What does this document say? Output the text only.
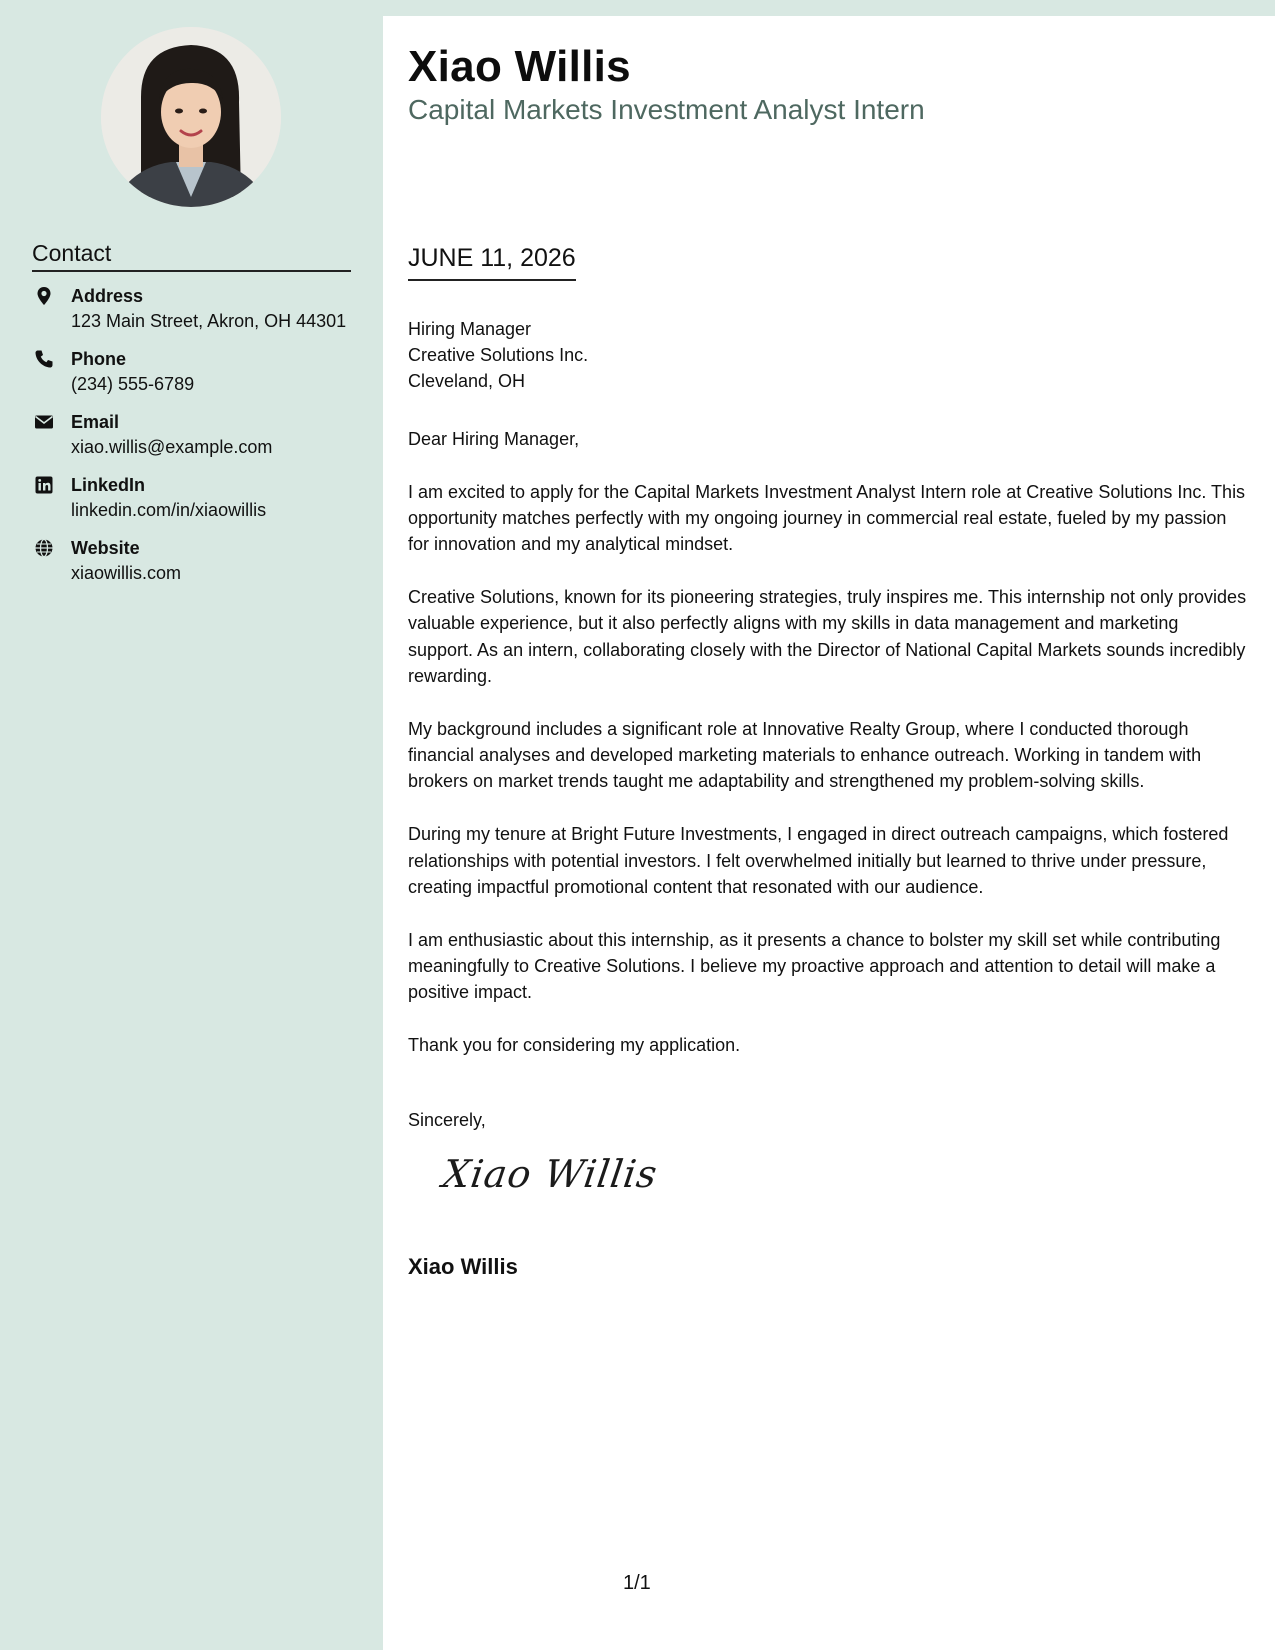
Contact
Address
123 Main Street, Akron, OH 44301
Phone
(234) 555-6789
Email
xiao.willis@example.com
LinkedIn
linkedin.com/in/xiaowillis
Website
xiaowillis.com
Xiao Willis
Capital Markets Investment Analyst Intern
JUNE 11, 2026
Hiring Manager
Creative Solutions Inc.
Cleveland, OH

Dear Hiring Manager,

I am excited to apply for the Capital Markets Investment Analyst Intern role at Creative Solutions Inc. This opportunity matches perfectly with my ongoing journey in commercial real estate, fueled by my passion for innovation and my analytical mindset.

Creative Solutions, known for its pioneering strategies, truly inspires me. This internship not only provides valuable experience, but it also perfectly aligns with my skills in data management and marketing support. As an intern, collaborating closely with the Director of National Capital Markets sounds incredibly rewarding.

My background includes a significant role at Innovative Realty Group, where I conducted thorough financial analyses and developed marketing materials to enhance outreach. Working in tandem with brokers on market trends taught me adaptability and strengthened my problem-solving skills.

During my tenure at Bright Future Investments, I engaged in direct outreach campaigns, which fostered relationships with potential investors. I felt overwhelmed initially but learned to thrive under pressure, creating impactful promotional content that resonated with our audience.

I am enthusiastic about this internship, as it presents a chance to bolster my skill set while contributing meaningfully to Creative Solutions. I believe my proactive approach and attention to detail will make a positive impact.

Thank you for considering my application.

Sincerely,
Xiao Willis
Xiao Willis
1/1
